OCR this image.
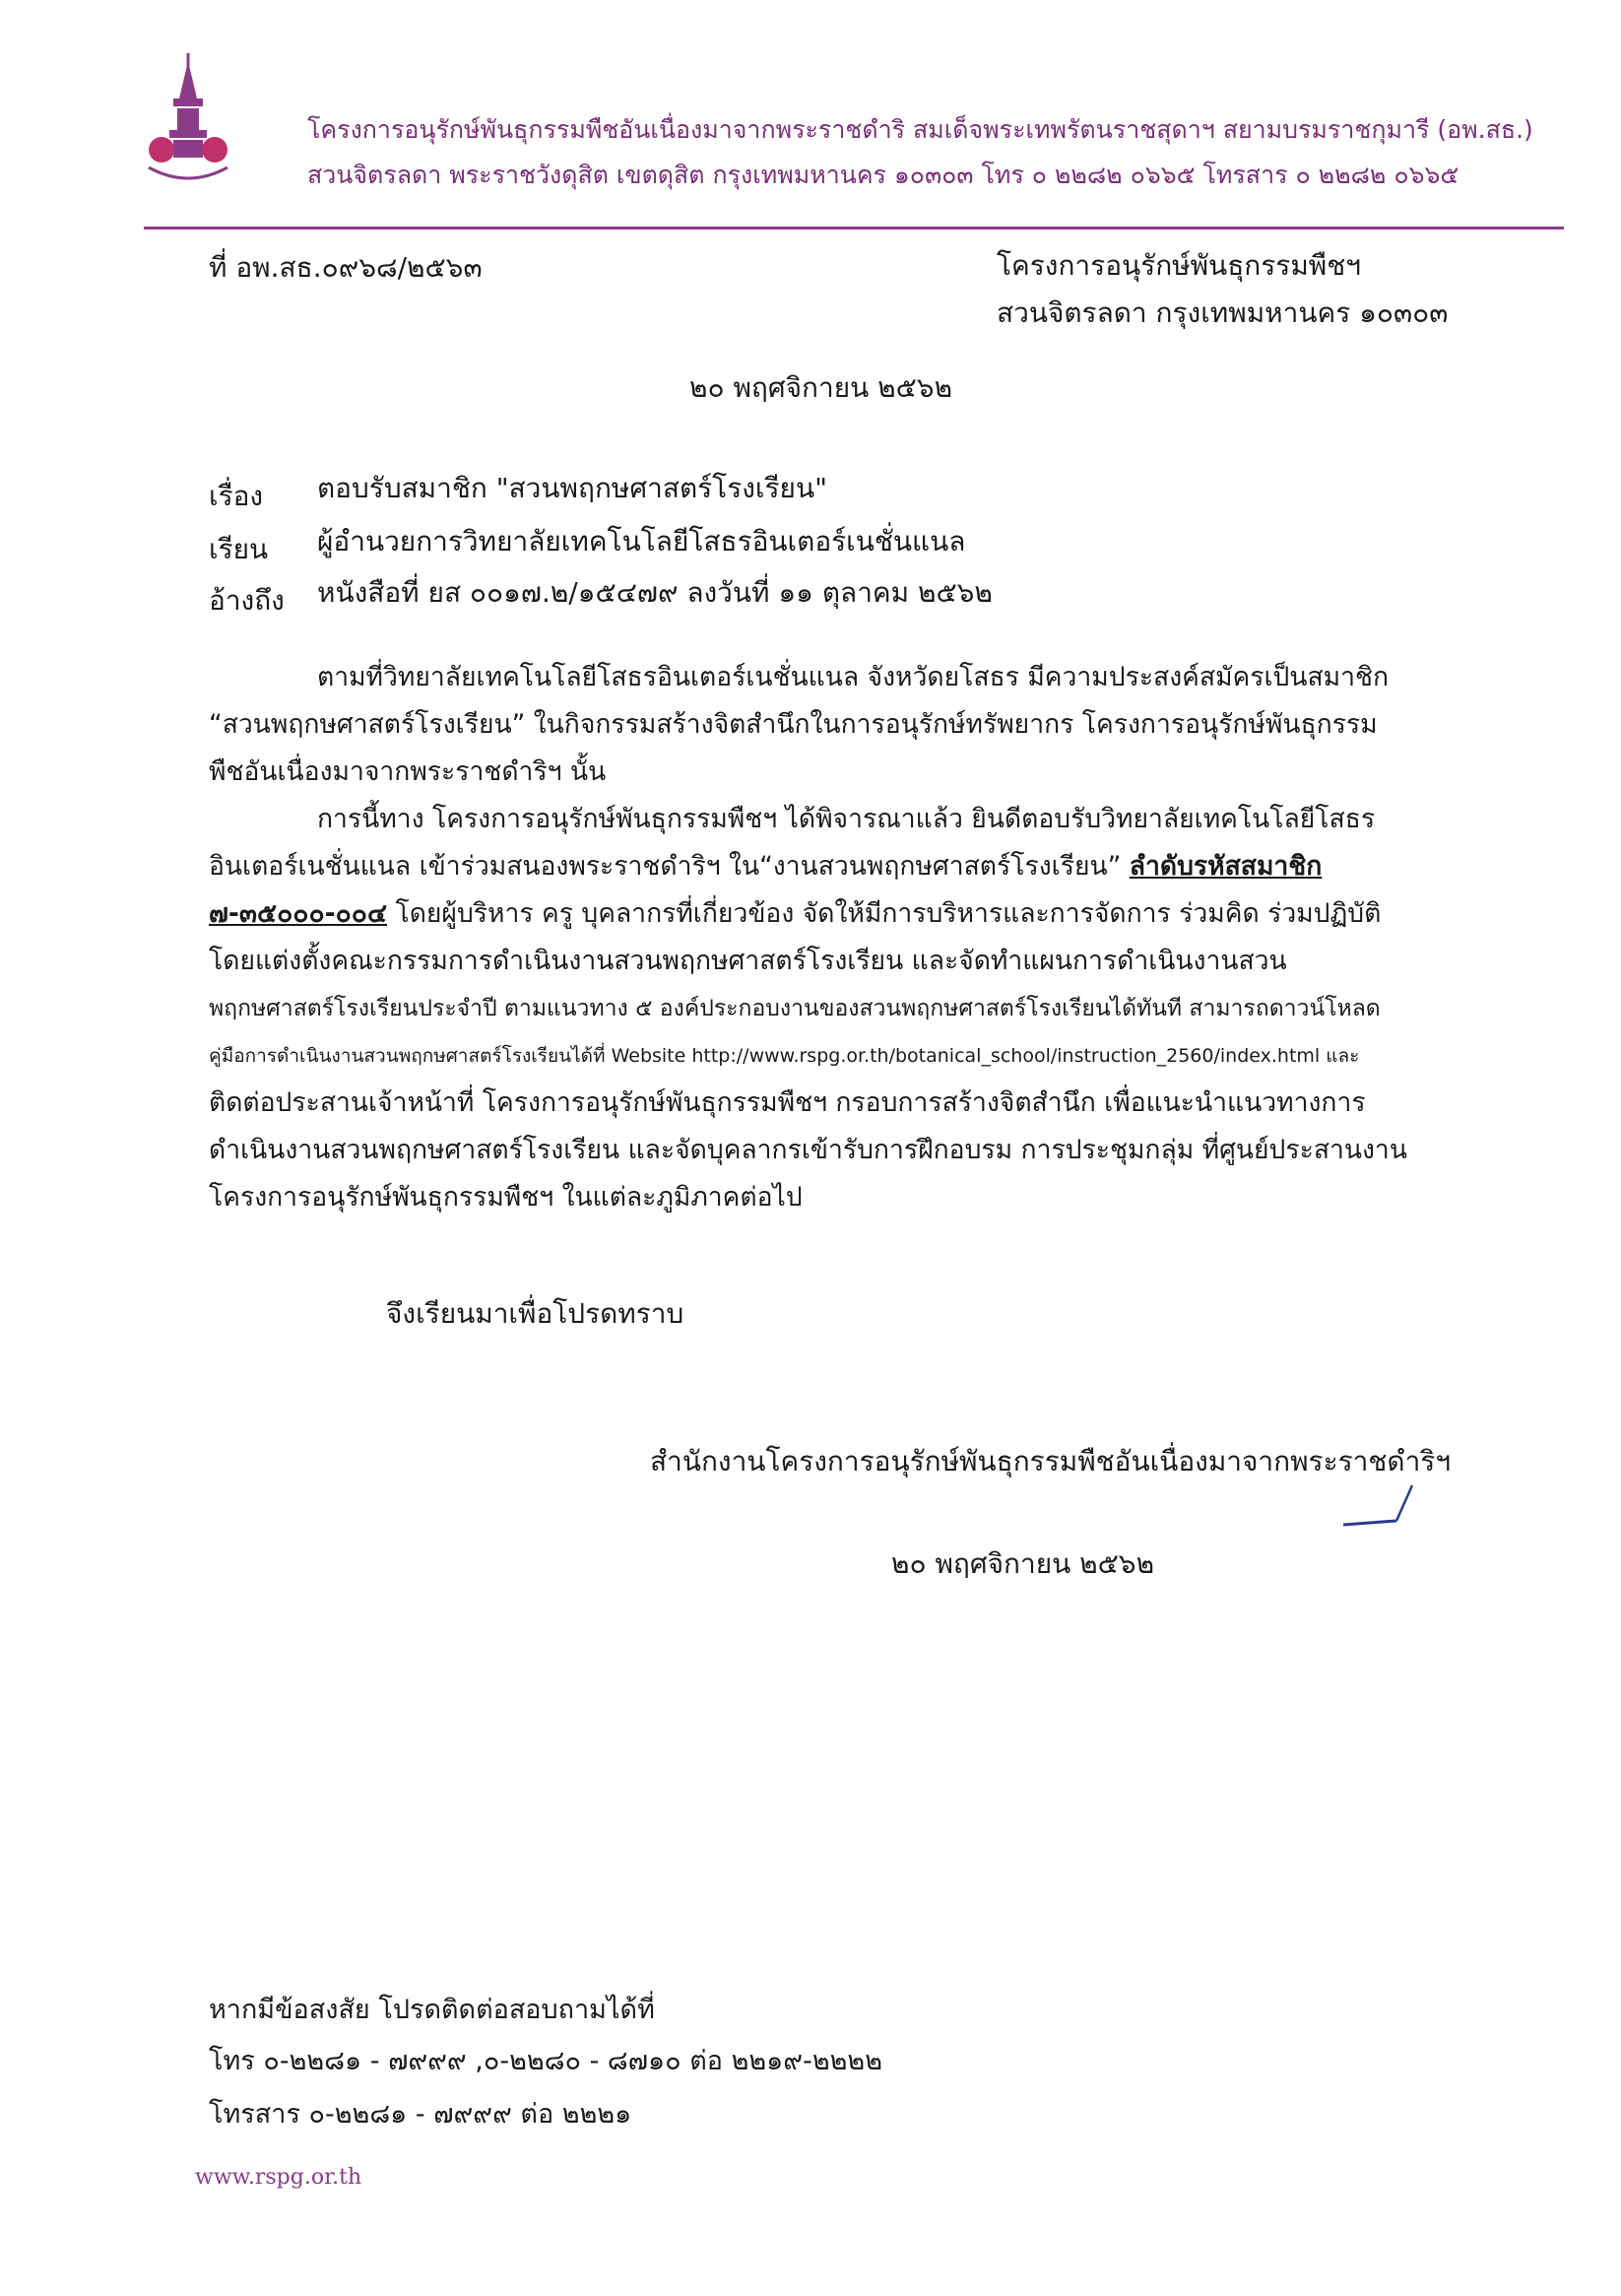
โครงการอนุรักษ์พันธุกรรมพืชอันเนื่องมาจากพระราชดำริ สมเด็จพระเทพรัตนราชสุดาฯ สยามบรมราชกุมารี (อพ.สธ.)
สวนจิตรลดา พระราชวังดุสิต เขตดุสิต กรุงเทพมหานคร ๑๐๓๐๓ โทร ๐ ๒๒๘๒ ๐๖๖๕ โทรสาร ๐ ๒๒๘๒ ๐๖๖๕
ที่ อพ.สธ.๐๙๖๘/๒๕๖๓	โครงการอนุรักษ์พันธุกรรมพืชฯ
สวนจิตรลดา กรุงเทพมหานคร ๑๐๓๐๓
๒๐ พฤศจิกายน ๒๕๖๒
เรื่อง ตอบรับสมาชิก "สวนพฤกษศาสตร์โรงเรียน"
เรียน ผู้อำนวยการวิทยาลัยเทคโนโลยีโสธรอินเตอร์เนชั่นแนล
อ้างถึง หนังสือที่ ยส ๐๐๑๗.๒/๑๕๔๗๙ ลงวันที่ ๑๑ ตุลาคม ๒๕๖๒
ตามที่วิทยาลัยเทคโนโลยีโสธรอินเตอร์เนชั่นแนล จังหวัดยโสธร มีความประสงค์สมัครเป็นสมาชิก
“สวนพฤกษศาสตร์โรงเรียน” ในกิจกรรมสร้างจิตสำนึกในการอนุรักษ์ทรัพยากร โครงการอนุรักษ์พันธุกรรม
พืชอันเนื่องมาจากพระราชดำริฯ นั้น
การนี้ทาง โครงการอนุรักษ์พันธุกรรมพืชฯ ได้พิจารณาแล้ว ยินดีตอบรับวิทยาลัยเทคโนโลยีโสธร
อินเตอร์เนชั่นแนล เข้าร่วมสนองพระราชดำริฯ ใน“งานสวนพฤกษศาสตร์โรงเรียน” ลำดับรหัสสมาชิก
๗-๓๕๐๐๐-๐๐๔ โดยผู้บริหาร ครู บุคลากรที่เกี่ยวข้อง จัดให้มีการบริหารและการจัดการ ร่วมคิด ร่วมปฏิบัติ
โดยแต่งตั้งคณะกรรมการดำเนินงานสวนพฤกษศาสตร์โรงเรียน และจัดทำแผนการดำเนินงานสวน
พฤกษศาสตร์โรงเรียนประจำปี ตามแนวทาง ๕ องค์ประกอบงานของสวนพฤกษศาสตร์โรงเรียนได้ทันที สามารถดาวน์โหลด
คู่มือการดำเนินงานสวนพฤกษศาสตร์โรงเรียนได้ที่ Website http://www.rspg.or.th/botanical_school/instruction_2560/index.html และ
ติดต่อประสานเจ้าหน้าที่ โครงการอนุรักษ์พันธุกรรมพืชฯ กรอบการสร้างจิตสำนึก เพื่อแนะนำแนวทางการ
ดำเนินงานสวนพฤกษศาสตร์โรงเรียน และจัดบุคลากรเข้ารับการฝึกอบรม การประชุมกลุ่ม ที่ศูนย์ประสานงาน
โครงการอนุรักษ์พันธุกรรมพืชฯ ในแต่ละภูมิภาคต่อไป
จึงเรียนมาเพื่อโปรดทราบ
สำนักงานโครงการอนุรักษ์พันธุกรรมพืชอันเนื่องมาจากพระราชดำริฯ
๒๐ พฤศจิกายน ๒๕๖๒
หากมีข้อสงสัย โปรดติดต่อสอบถามได้ที่
โทร ๐-๒๒๘๑ - ๗๙๙๙ ,๐-๒๒๘๐ - ๘๗๑๐ ต่อ ๒๒๑๙-๒๒๒๒
โทรสาร ๐-๒๒๘๑ - ๗๙๙๙ ต่อ ๒๒๒๑
www.rspg.or.th
